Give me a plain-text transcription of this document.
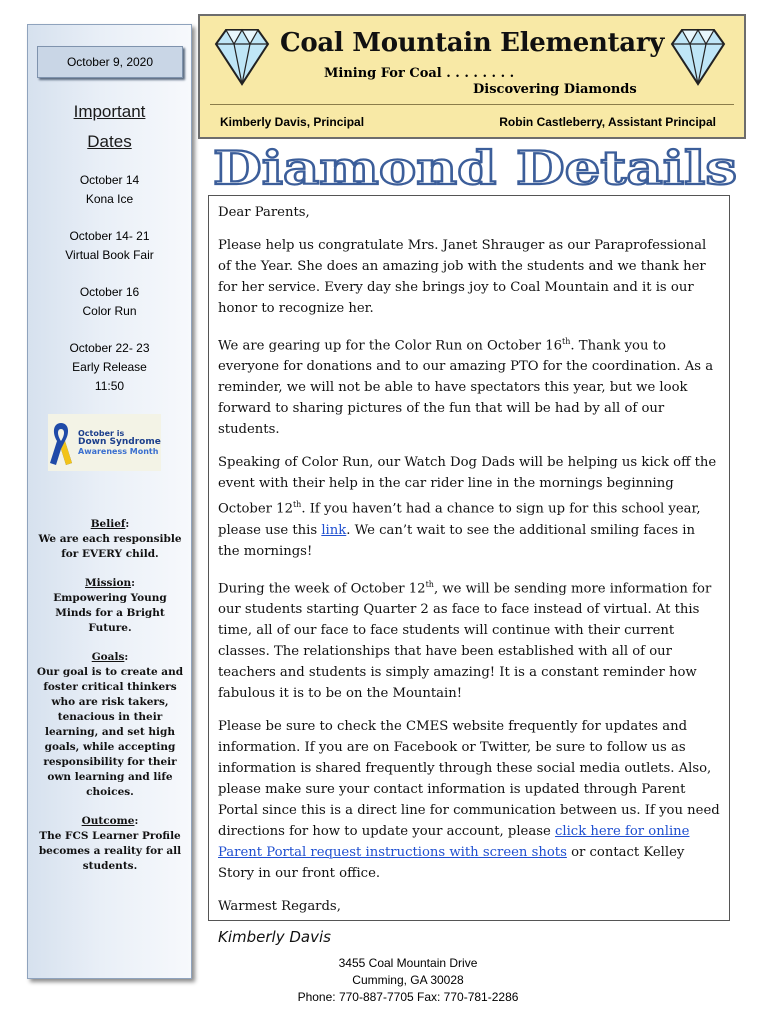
October 9, 2020
Important
Dates
October 14
Kona Ice
October 14- 21
Virtual Book Fair
October 16
Color Run
October 22- 23
Early Release
11:50
October is
Down Syndrome
Awareness Month
Belief:
We are each responsible for EVERY child.
Mission:
Empowering Young Minds for a Bright Future.
Goals:
Our goal is to create and foster critical thinkers who are risk takers, tenacious in their learning, and set high goals, while accepting responsibility for their own learning and life choices.
Outcome:
The FCS Learner Profile becomes a reality for all students.
Coal Mountain Elementary
Mining For Coal . . . . . . . .
Discovering Diamonds
Kimberly Davis, Principal	Robin Castleberry, Assistant Principal
Diamond Details

Dear Parents,

Please help us congratulate Mrs. Janet Shrauger as our Paraprofessional of the Year. She does an amazing job with the students and we thank her for her service. Every day she brings joy to Coal Mountain and it is our honor to recognize her.

We are gearing up for the Color Run on October 16th. Thank you to everyone for donations and to our amazing PTO for the coordination. As a reminder, we will not be able to have spectators this year, but we look forward to sharing pictures of the fun that will be had by all of our students.

Speaking of Color Run, our Watch Dog Dads will be helping us kick off the event with their help in the car rider line in the mornings beginning October 12th. If you haven’t had a chance to sign up for this school year, please use this link. We can’t wait to see the additional smiling faces in the mornings!

During the week of October 12th, we will be sending more information for our students starting Quarter 2 as face to face instead of virtual. At this time, all of our face to face students will continue with their current classes. The relationships that have been established with all of our teachers and students is simply amazing! It is a constant reminder how fabulous it is to be on the Mountain!

Please be sure to check the CMES website frequently for updates and information. If you are on Facebook or Twitter, be sure to follow us as information is shared frequently through these social media outlets. Also, please make sure your contact information is updated through Parent Portal since this is a direct line for communication between us. If you need directions for how to update your account, please click here for online Parent Portal request instructions with screen shots or contact Kelley Story in our front office.

Warmest Regards,

Kimberly Davis
3455 Coal Mountain Drive
Cumming, GA 30028
Phone: 770-887-7705 Fax: 770-781-2286
